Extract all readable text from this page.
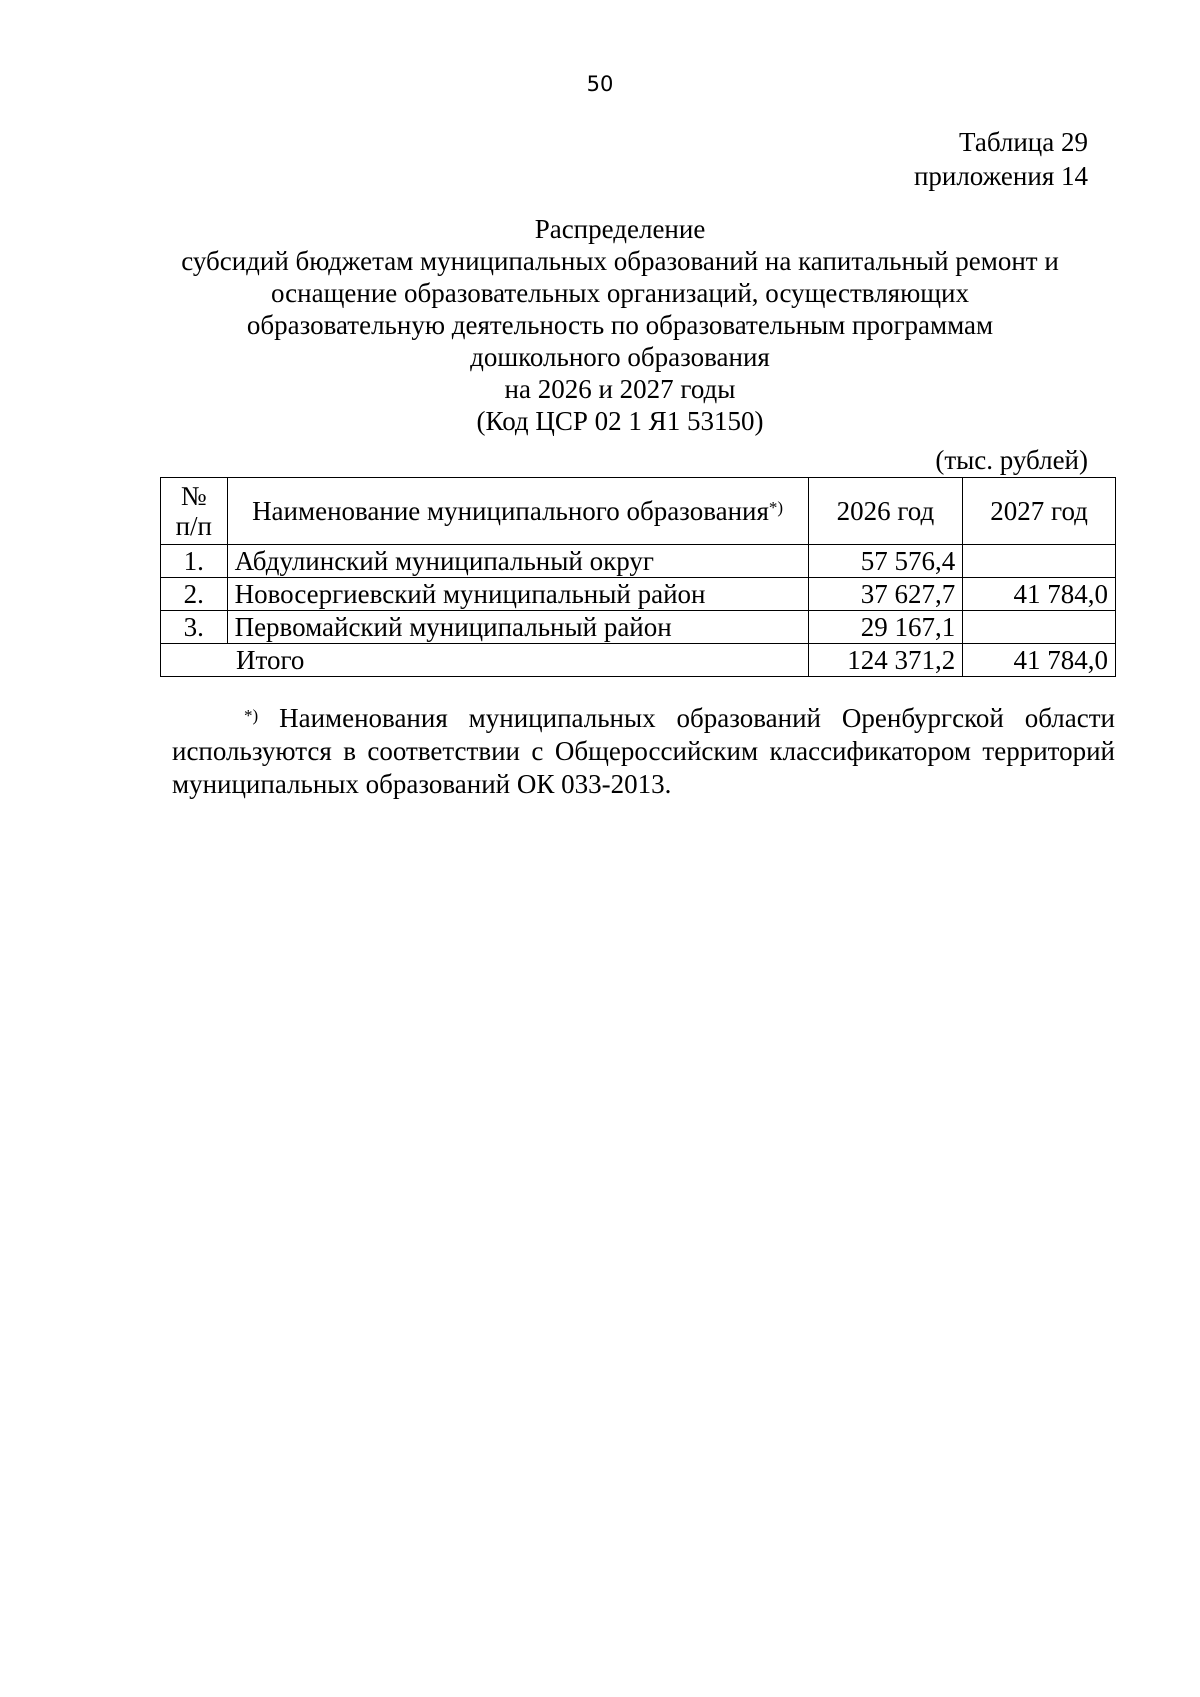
50
Таблица 29
приложения 14
Распределение
субсидий бюджетам муниципальных образований на капитальный ремонт и
оснащение образовательных организаций, осуществляющих
образовательную деятельность по образовательным программам
дошкольного образования
на 2026 и 2027 годы
(Код ЦСР 02 1 Я1 53150)
(тыс. рублей)
№
п/п	Наименование муниципального образования*)	2026 год	2027 год
1.	Абдулинский муниципальный округ	57 576,4	
2.	Новосергиевский муниципальный район	37 627,7	41 784,0
3.	Первомайский муниципальный район	29 167,1	
Итого		124 371,2	41 784,0
*) Наименования муниципальных образований Оренбургской области используются в соответствии с Общероссийским классификатором территорий муниципальных образований ОК 033-2013.
